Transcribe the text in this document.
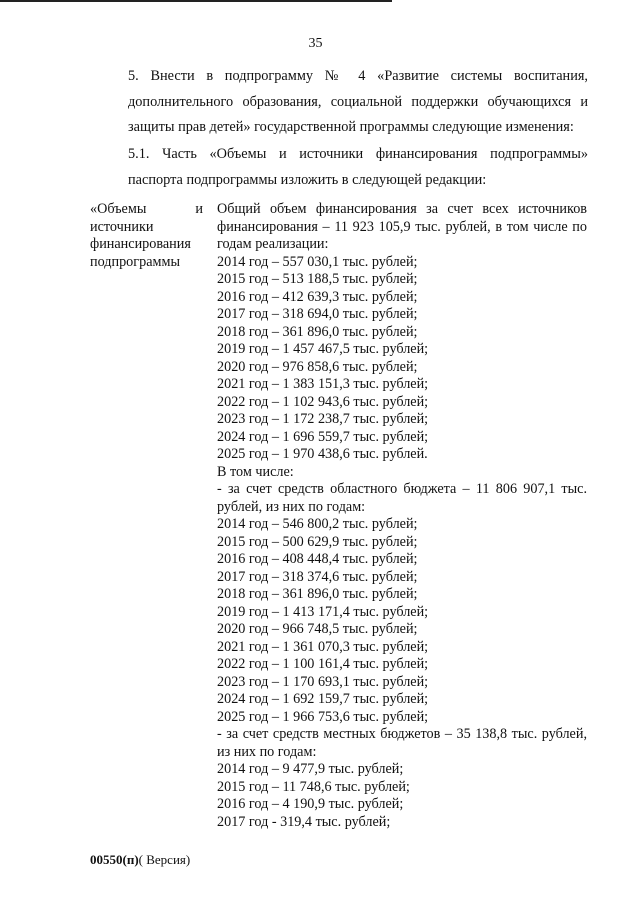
35
5. Внести в подпрограмму № 4 «Развитие системы воспитания, дополнительного образования, социальной поддержки обучающихся и защиты прав детей» государственной программы следующие изменения:
5.1. Часть «Объемы и источники финансирования подпрограммы» паспорта подпрограммы изложить в следующей редакции:
«Объемы	и
источники финансирования подпрограммы
Общий объем финансирования за счет всех источников финансирования – 11 923 105,9 тыс. рублей, в том числе по годам реализации:
2014 год – 557 030,1 тыс. рублей;
2015 год – 513 188,5 тыс. рублей;
2016 год – 412 639,3 тыс. рублей;
2017 год – 318 694,0 тыс. рублей;
2018 год – 361 896,0 тыс. рублей;
2019 год – 1 457 467,5 тыс. рублей;
2020 год – 976 858,6 тыс. рублей;
2021 год – 1 383 151,3 тыс. рублей;
2022 год – 1 102 943,6 тыс. рублей;
2023 год – 1 172 238,7 тыс. рублей;
2024 год – 1 696 559,7 тыс. рублей;
2025 год – 1 970 438,6 тыс. рублей.
В том числе:
- за счет средств областного бюджета – 11 806 907,1 тыс. рублей, из них по годам:
2014 год – 546 800,2 тыс. рублей;
2015 год – 500 629,9 тыс. рублей;
2016 год – 408 448,4 тыс. рублей;
2017 год – 318 374,6 тыс. рублей;
2018 год – 361 896,0 тыс. рублей;
2019 год – 1 413 171,4 тыс. рублей;
2020 год – 966 748,5 тыс. рублей;
2021 год – 1 361 070,3 тыс. рублей;
2022 год – 1 100 161,4 тыс. рублей;
2023 год – 1 170 693,1 тыс. рублей;
2024 год – 1 692 159,7 тыс. рублей;
2025 год – 1 966 753,6 тыс. рублей;
- за счет средств местных бюджетов – 35 138,8 тыс. рублей, из них по годам:
2014 год – 9 477,9 тыс. рублей;
2015 год – 11 748,6 тыс. рублей;
2016 год – 4 190,9 тыс. рублей;
2017 год - 319,4 тыс. рублей;
00550(п)( Версия)
